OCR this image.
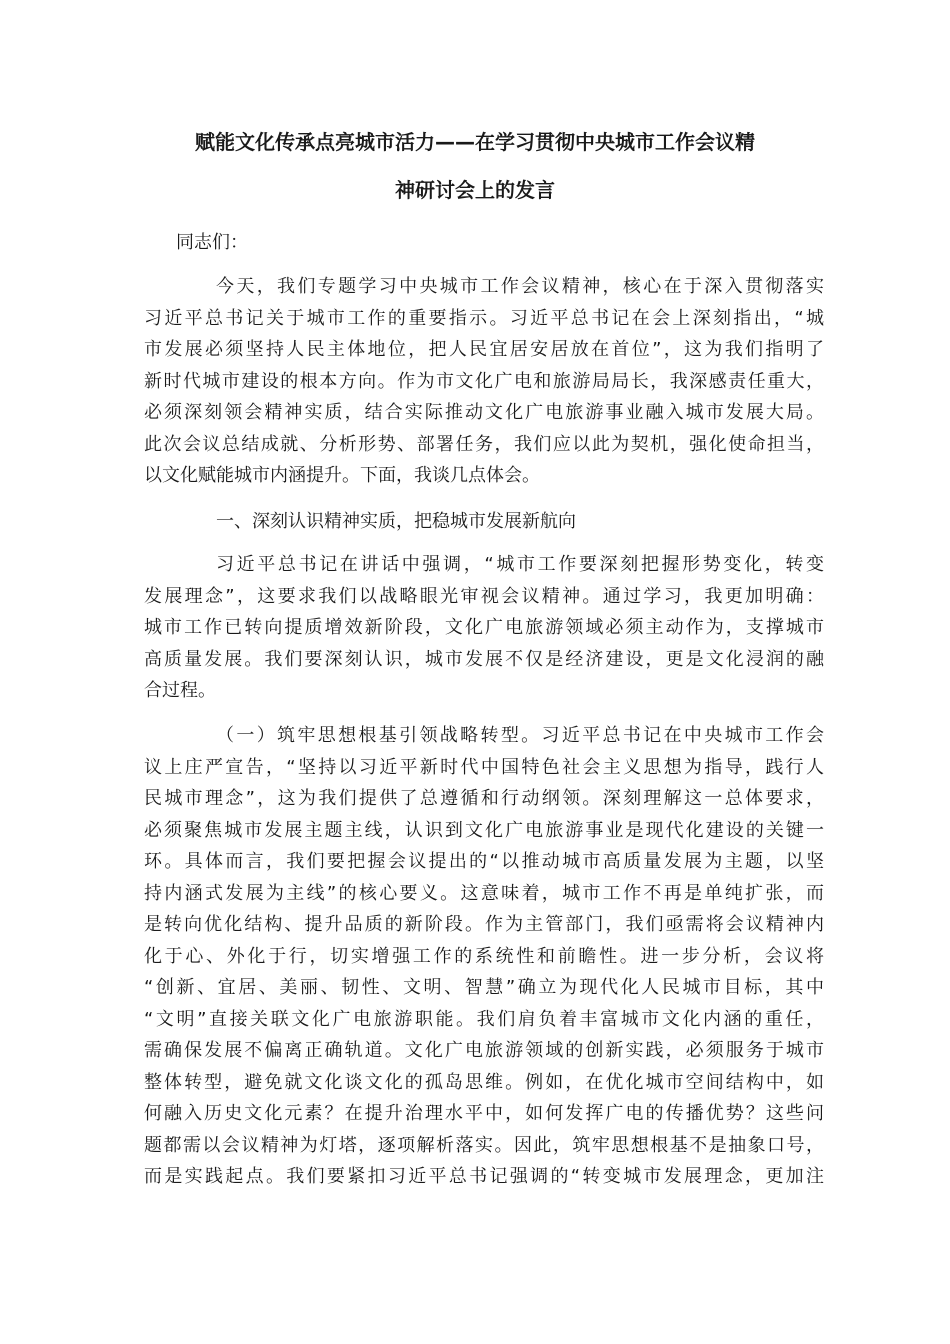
赋能文化传承点亮城市活力——在学习贯彻中央城市工作会议精
神研讨会上的发言

同志们：

今天，我们专题学习中央城市工作会议精神，核心在于深入贯彻落实
习近平总书记关于城市工作的重要指示。习近平总书记在会上深刻指出，“城
市发展必须坚持人民主体地位，把人民宜居安居放在首位”，这为我们指明了
新时代城市建设的根本方向。作为市文化广电和旅游局局长，我深感责任重大，
必须深刻领会精神实质，结合实际推动文化广电旅游事业融入城市发展大局。
此次会议总结成就、分析形势、部署任务，我们应以此为契机，强化使命担当，
以文化赋能城市内涵提升。下面，我谈几点体会。

一、深刻认识精神实质，把稳城市发展新航向

习近平总书记在讲话中强调，“城市工作要深刻把握形势变化，转变
发展理念”，这要求我们以战略眼光审视会议精神。通过学习，我更加明确：
城市工作已转向提质增效新阶段，文化广电旅游领域必须主动作为，支撑城市
高质量发展。我们要深刻认识，城市发展不仅是经济建设，更是文化浸润的融
合过程。
（一）筑牢思想根基引领战略转型。习近平总书记在中央城市工作会
议上庄严宣告，“坚持以习近平新时代中国特色社会主义思想为指导，践行人
民城市理念”，这为我们提供了总遵循和行动纲领。深刻理解这一总体要求，
必须聚焦城市发展主题主线，认识到文化广电旅游事业是现代化建设的关键一
环。具体而言，我们要把握会议提出的“以推动城市高质量发展为主题，以坚
持内涵式发展为主线”的核心要义。这意味着，城市工作不再是单纯扩张，而
是转向优化结构、提升品质的新阶段。作为主管部门，我们亟需将会议精神内
化于心、外化于行，切实增强工作的系统性和前瞻性。进一步分析，会议将
“创新、宜居、美丽、韧性、文明、智慧”确立为现代化人民城市目标，其中
“文明”直接关联文化广电旅游职能。我们肩负着丰富城市文化内涵的重任，
需确保发展不偏离正确轨道。文化广电旅游领域的创新实践，必须服务于城市
整体转型，避免就文化谈文化的孤岛思维。例如，在优化城市空间结构中，如
何融入历史文化元素？在提升治理水平中，如何发挥广电的传播优势？这些问
题都需以会议精神为灯塔，逐项解析落实。因此，筑牢思想根基不是抽象口号，
而是实践起点。我们要紧扣习近平总书记强调的“转变城市发展理念，更加注
